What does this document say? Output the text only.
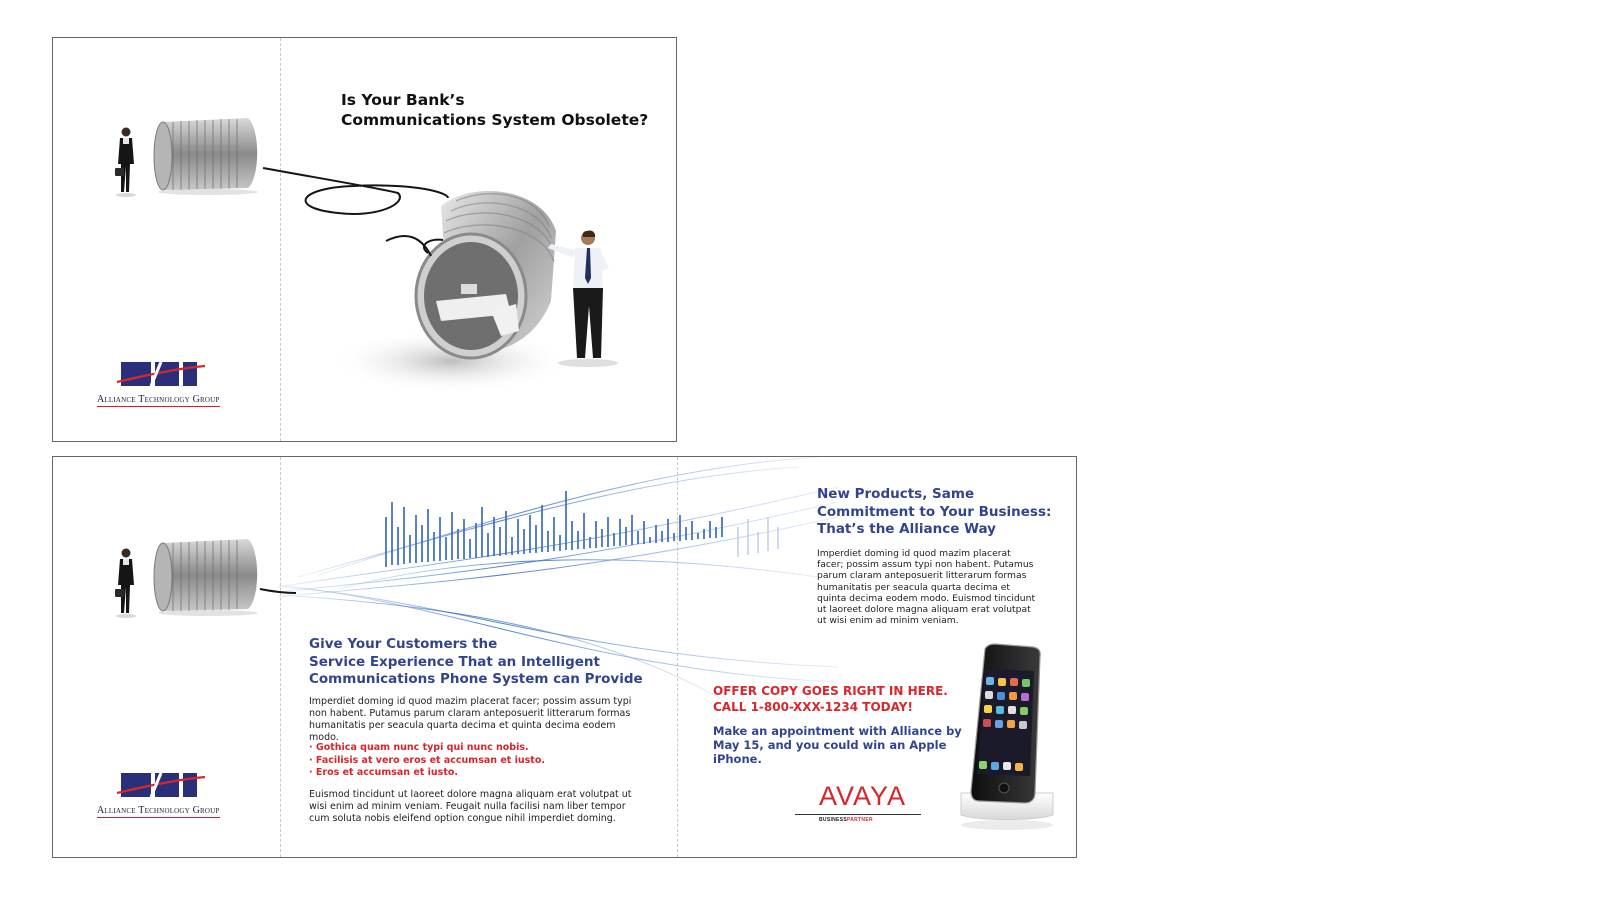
Is Your Bank’s
Communications System Obsolete?
Alliance Technology Group
Alliance Technology Group
Give Your Customers the
Service Experience That an Intelligent
Communications Phone System can Provide
Imperdiet doming id quod mazim placerat facer; possim assum typi non habent. Putamus parum claram anteposuerit litterarum formas humanitatis per seacula quarta decima et quinta decima eodem modo.
· Gothica quam nunc typi qui nunc nobis.
· Facilisis at vero eros et accumsan et iusto.
· Eros et accumsan et iusto.
Euismod tincidunt ut laoreet dolore magna aliquam erat volutpat ut wisi enim ad minim veniam. Feugait nulla facilisi nam liber tempor cum soluta nobis eleifend option congue nihil imperdiet doming.
New Products, Same
Commitment to Your Business:
That’s the Alliance Way
Imperdiet doming id quod mazim placerat facer; possim assum typi non habent. Putamus parum claram anteposuerit litterarum formas humanitatis per seacula quarta decima et quinta decima eodem modo. Euismod tincidunt ut laoreet dolore magna aliquam erat volutpat ut wisi enim ad minim veniam.
OFFER COPY GOES RIGHT IN HERE.
CALL 1-800-XXX-1234 TODAY!
Make an appointment with Alliance by May 15, and you could win an Apple iPhone.
AVAYA
BUSINESSPARTNER
